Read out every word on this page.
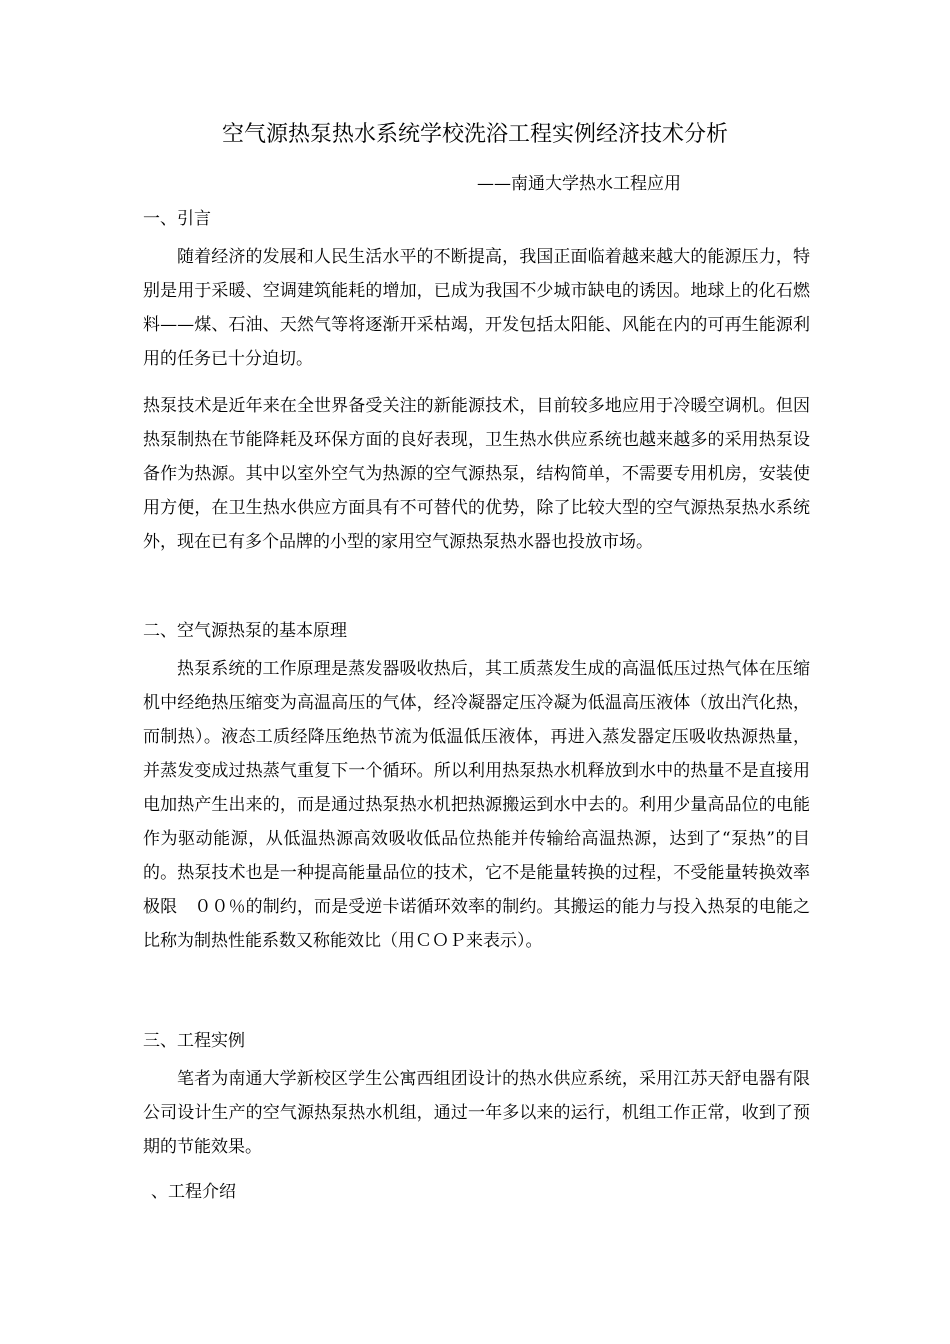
空气源热泵热水系统学校洗浴工程实例经济技术分析
——南通大学热水工程应用
一、引言
随着经济的发展和人民生活水平的不断提高，我国正面临着越来越大的能源压力，特别是用于采暖、空调建筑能耗的增加，已成为我国不少城市缺电的诱因。地球上的化石燃料——煤、石油、天然气等将逐渐开采枯竭，开发包括太阳能、风能在内的可再生能源利用的任务已十分迫切。
热泵技术是近年来在全世界备受关注的新能源技术，目前较多地应用于冷暖空调机。但因热泵制热在节能降耗及环保方面的良好表现，卫生热水供应系统也越来越多的采用热泵设备作为热源。其中以室外空气为热源的空气源热泵，结构简单，不需要专用机房，安装使用方便，在卫生热水供应方面具有不可替代的优势，除了比较大型的空气源热泵热水系统外，现在已有多个品牌的小型的家用空气源热泵热水器也投放市场。
二、空气源热泵的基本原理
热泵系统的工作原理是蒸发器吸收热后，其工质蒸发生成的高温低压过热气体在压缩机中经绝热压缩变为高温高压的气体，经冷凝器定压冷凝为低温高压液体（放出汽化热，而制热）。液态工质经降压绝热节流为低温低压液体，再进入蒸发器定压吸收热源热量，并蒸发变成过热蒸气重复下一个循环。所以利用热泵热水机释放到水中的热量不是直接用电加热产生出来的，而是通过热泵热水机把热源搬运到水中去的。利用少量高品位的电能作为驱动能源，从低温热源高效吸收低品位热能并传输给高温热源，达到了“泵热”的目的。热泵技术也是一种提高能量品位的技术，它不是能量转换的过程，不受能量转换效率极限　００％的制约，而是受逆卡诺循环效率的制约。其搬运的能力与投入热泵的电能之比称为制热性能系数又称能效比（用ＣＯＰ来表示）。
三、工程实例
笔者为南通大学新校区学生公寓西组团设计的热水供应系统，采用江苏天舒电器有限公司设计生产的空气源热泵热水机组，通过一年多以来的运行，机组工作正常，收到了预期的节能效果。
、工程介绍
